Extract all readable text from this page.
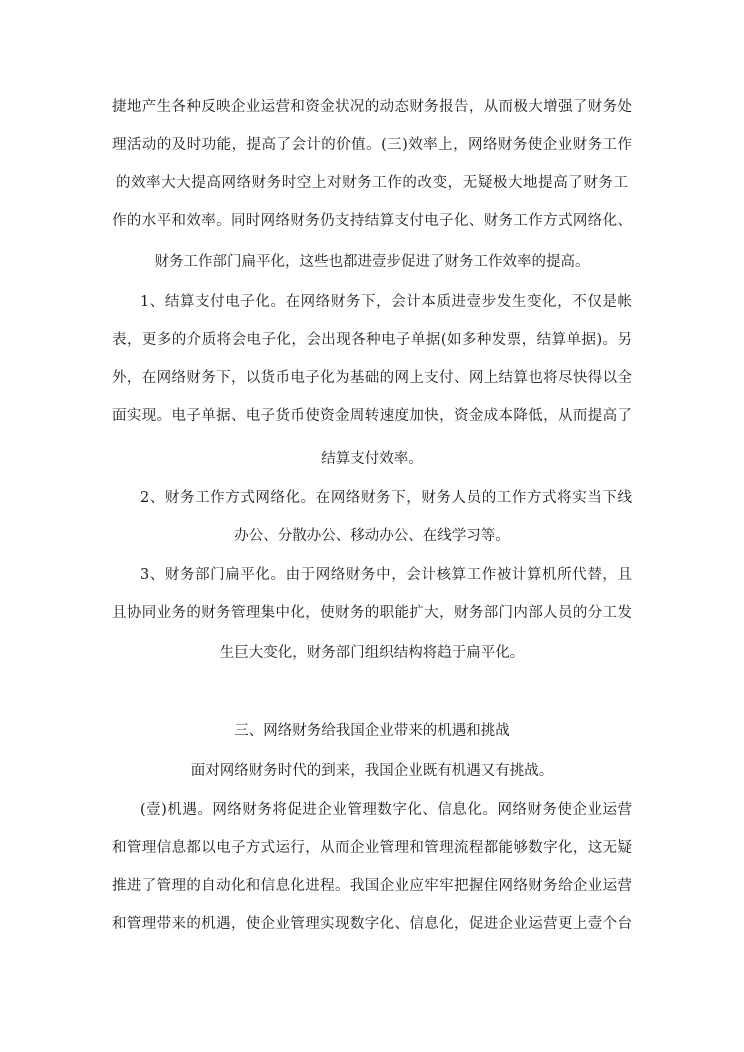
捷地产生各种反映企业运营和资金状况的动态财务报告，从而极大增强了财务处
理活动的及时功能，提高了会计的价值。(三)效率上，网络财务使企业财务工作
的效率大大提高网络财务时空上对财务工作的改变，无疑极大地提高了财务工
作的水平和效率。同时网络财务仍支持结算支付电子化、财务工作方式网络化、
财务工作部门扁平化，这些也都进壹步促进了财务工作效率的提高。
1、结算支付电子化。在网络财务下，会计本质进壹步发生变化，不仅是帐
表，更多的介质将会电子化，会出现各种电子单据(如多种发票，结算单据)。另
外，在网络财务下，以货币电子化为基础的网上支付、网上结算也将尽快得以全
面实现。电子单据、电子货币使资金周转速度加快，资金成本降低，从而提高了
结算支付效率。
2、财务工作方式网络化。在网络财务下，财务人员的工作方式将实当下线
办公、分散办公、移动办公、在线学习等。
3、财务部门扁平化。由于网络财务中，会计核算工作被计算机所代替，且
且协同业务的财务管理集中化，使财务的职能扩大，财务部门内部人员的分工发
生巨大变化，财务部门组织结构将趋于扁平化。
三、网络财务给我国企业带来的机遇和挑战
面对网络财务时代的到来，我国企业既有机遇又有挑战。
(壹)机遇。网络财务将促进企业管理数字化、信息化。网络财务使企业运营
和管理信息都以电子方式运行，从而企业管理和管理流程都能够数字化，这无疑
推进了管理的自动化和信息化进程。我国企业应牢牢把握住网络财务给企业运营
和管理带来的机遇，使企业管理实现数字化、信息化，促进企业运营更上壹个台
